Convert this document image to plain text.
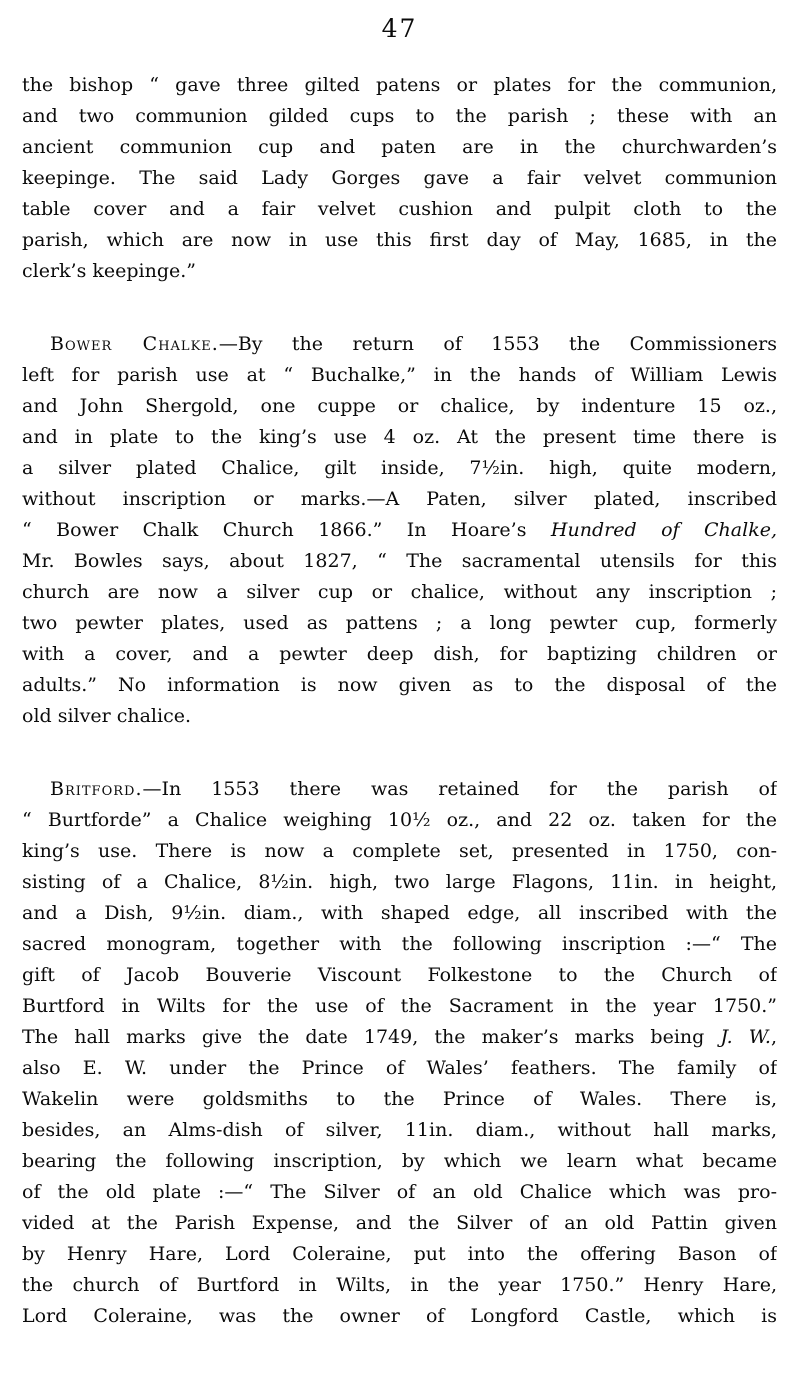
47
the bishop “ gave three gilted patens or plates for the communion,
and two communion gilded cups to the parish ; these with an
ancient communion cup and paten are in the churchwarden’s
keepinge. The said Lady Gorges gave a fair velvet communion
table cover and a fair velvet cushion and pulpit cloth to the
parish, which are now in use this first day of May, 1685, in the
clerk’s keepinge.”
Bower Chalke.—By the return of 1553 the Commissioners
left for parish use at “ Buchalke,” in the hands of William Lewis
and John Shergold, one cuppe or chalice, by indenture 15 oz.,
and in plate to the king’s use 4 oz. At the present time there is
a silver plated Chalice, gilt inside, 7½in. high, quite modern,
without inscription or marks.—A Paten, silver plated, inscribed
“ Bower Chalk Church 1866.” In Hoare’s Hundred of Chalke,
Mr. Bowles says, about 1827, “ The sacramental utensils for this
church are now a silver cup or chalice, without any inscription ;
two pewter plates, used as pattens ; a long pewter cup, formerly
with a cover, and a pewter deep dish, for baptizing children or
adults.” No information is now given as to the disposal of the
old silver chalice.
Britford.—In 1553 there was retained for the parish of
“ Burtforde” a Chalice weighing 10½ oz., and 22 oz. taken for the
king’s use. There is now a complete set, presented in 1750, con-
sisting of a Chalice, 8½in. high, two large Flagons, 11in. in height,
and a Dish, 9½in. diam., with shaped edge, all inscribed with the
sacred monogram, together with the following inscription :—“ The
gift of Jacob Bouverie Viscount Folkestone to the Church of
Burtford in Wilts for the use of the Sacrament in the year 1750.”
The hall marks give the date 1749, the maker’s marks being J. W.,
also E. W. under the Prince of Wales’ feathers. The family of
Wakelin were goldsmiths to the Prince of Wales. There is,
besides, an Alms-dish of silver, 11in. diam., without hall marks,
bearing the following inscription, by which we learn what became
of the old plate :—“ The Silver of an old Chalice which was pro-
vided at the Parish Expense, and the Silver of an old Pattin given
by Henry Hare, Lord Coleraine, put into the offering Bason of
the church of Burtford in Wilts, in the year 1750.” Henry Hare,
Lord Coleraine, was the owner of Longford Castle, which is
